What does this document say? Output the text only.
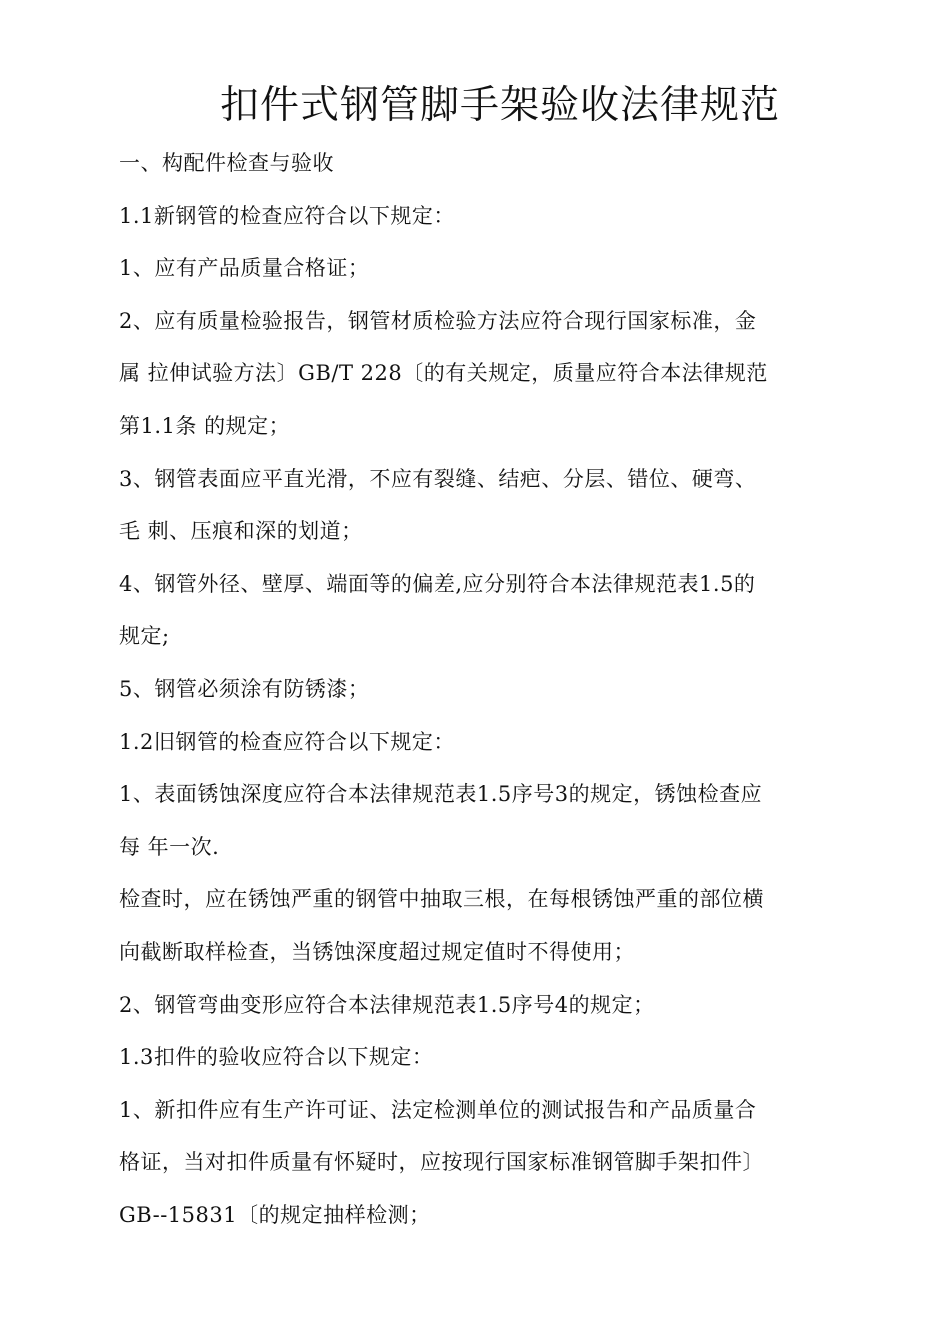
扣件式钢管脚手架验收法律规范
一、构配件检查与验收
1.1新钢管的检查应符合以下规定：
1、应有产品质量合格证；
2、应有质量检验报告，钢管材质检验方法应符合现行国家标准，金
属 拉伸试验方法〕GB/T 228〔的有关规定，质量应符合本法律规范
第1.1条 的规定；
3、钢管表面应平直光滑，不应有裂缝、结疤、分层、错位、硬弯、
毛 刺、压痕和深的划道；
4、钢管外径、壁厚、端面等的偏差,应分别符合本法律规范表1.5的
规定;
5、钢管必须涂有防锈漆；
1.2旧钢管的检查应符合以下规定：
1、表面锈蚀深度应符合本法律规范表1.5序号3的规定，锈蚀检查应
每 年一次.
检查时，应在锈蚀严重的钢管中抽取三根，在每根锈蚀严重的部位横
向截断取样检查，当锈蚀深度超过规定值时不得使用；
2、钢管弯曲变形应符合本法律规范表1.5序号4的规定；
1.3扣件的验收应符合以下规定：
1、新扣件应有生产许可证、法定检测单位的测试报告和产品质量合
格证，当对扣件质量有怀疑时，应按现行国家标准钢管脚手架扣件〕
GB--15831〔的规定抽样检测；
